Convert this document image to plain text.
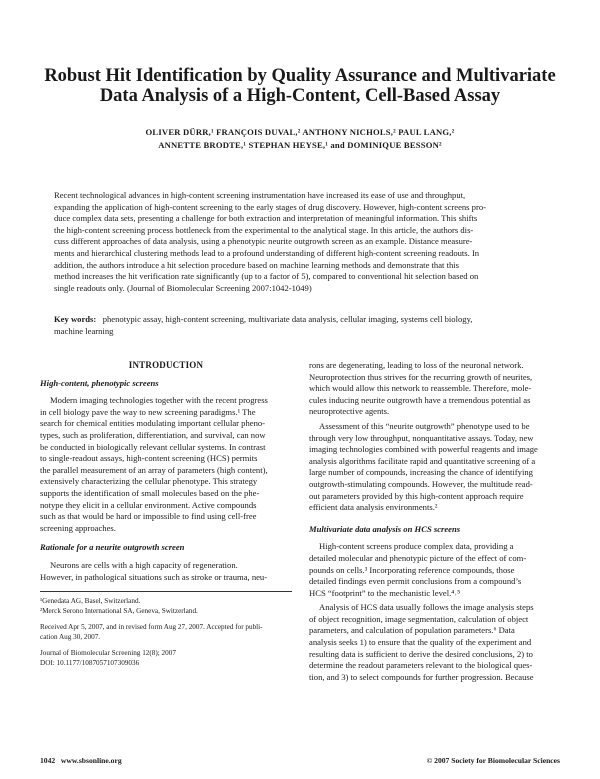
Robust Hit Identification by Quality Assurance and Multivariate
Data Analysis of a High-Content, Cell-Based Assay
OLIVER DÜRR,¹ FRANÇOIS DUVAL,² ANTHONY NICHOLS,² PAUL LANG,²
ANNETTE BRODTE,¹ STEPHAN HEYSE,¹ and DOMINIQUE BESSON²
Recent technological advances in high-content screening instrumentation have increased its ease of use and throughput,
expanding the application of high-content screening to the early stages of drug discovery. However, high-content screens pro-
duce complex data sets, presenting a challenge for both extraction and interpretation of meaningful information. This shifts
the high-content screening process bottleneck from the experimental to the analytical stage. In this article, the authors dis-
cuss different approaches of data analysis, using a phenotypic neurite outgrowth screen as an example. Distance measure-
ments and hierarchical clustering methods lead to a profound understanding of different high-content screening readouts. In
addition, the authors introduce a hit selection procedure based on machine learning methods and demonstrate that this
method increases the hit verification rate significantly (up to a factor of 5), compared to conventional hit selection based on
single readouts only. (Journal of Biomolecular Screening 2007:1042-1049)
Key words: phenotypic assay, high-content screening, multivariate data analysis, cellular imaging, systems cell biology,
machine learning
INTRODUCTION
High-content, phenotypic screens
Modern imaging technologies together with the recent progress
in cell biology pave the way to new screening paradigms.¹ The
search for chemical entities modulating important cellular pheno-
types, such as proliferation, differentiation, and survival, can now
be conducted in biologically relevant cellular systems. In contrast
to single-readout assays, high-content screening (HCS) permits
the parallel measurement of an array of parameters (high content),
extensively characterizing the cellular phenotype. This strategy
supports the identification of small molecules based on the phe-
notype they elicit in a cellular environment. Active compounds
such as that would be hard or impossible to find using cell-free
screening approaches.
Rationale for a neurite outgrowth screen
Neurons are cells with a high capacity of regeneration.
However, in pathological situations such as stroke or trauma, neu-
¹Genedata AG, Basel, Switzerland.
²Merck Serono International SA, Geneva, Switzerland.
Received Apr 5, 2007, and in revised form Aug 27, 2007. Accepted for publi-
cation Aug 30, 2007.
Journal of Biomolecular Screening 12(8); 2007
DOI: 10.1177/1087057107309036
rons are degenerating, leading to loss of the neuronal network.
Neuroprotection thus strives for the recurring growth of neurites,
which would allow this network to reassemble. Therefore, mole-
cules inducing neurite outgrowth have a tremendous potential as
neuroprotective agents.
Assessment of this “neurite outgrowth” phenotype used to be
through very low throughput, nonquantitative assays. Today, new
imaging technologies combined with powerful reagents and image
analysis algorithms facilitate rapid and quantitative screening of a
large number of compounds, increasing the chance of identifying
outgrowth-stimulating compounds. However, the multitude read-
out parameters provided by this high-content approach require
efficient data analysis environments.²
Multivariate data analysis on HCS screens
High-content screens produce complex data, providing a
detailed molecular and phenotypic picture of the effect of com-
pounds on cells.³ Incorporating reference compounds, those
detailed findings even permit conclusions from a compound’s
HCS “footprint” to the mechanistic level.⁴˒⁵
Analysis of HCS data usually follows the image analysis steps
of object recognition, image segmentation, calculation of object
parameters, and calculation of population parameters.⁶ Data
analysis seeks 1) to ensure that the quality of the experiment and
resulting data is sufficient to derive the desired conclusions, 2) to
determine the readout parameters relevant to the biological ques-
tion, and 3) to select compounds for further progression. Because
1042   www.sbsonline.org	© 2007 Society for Biomolecular Sciences
